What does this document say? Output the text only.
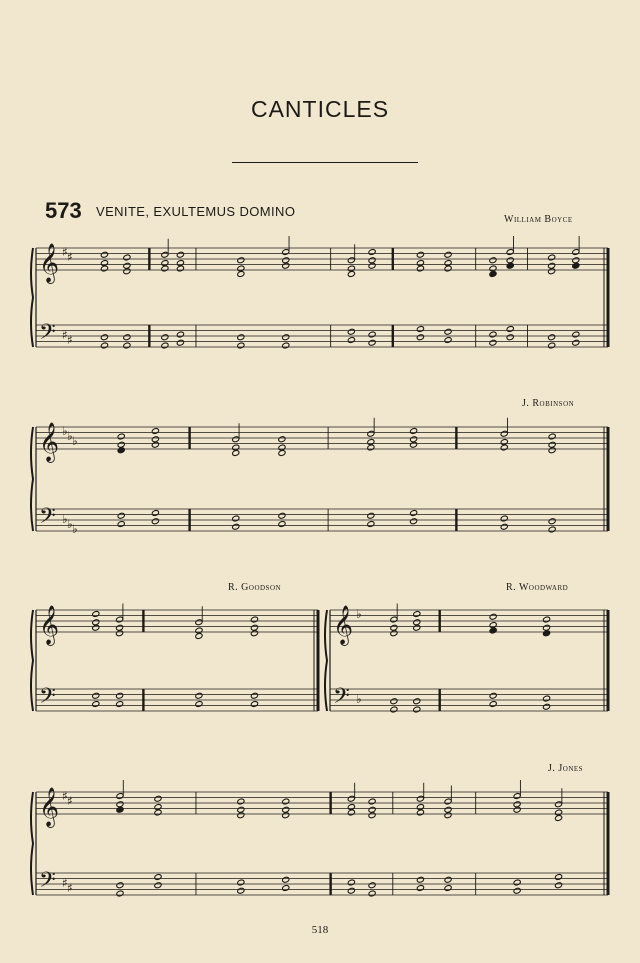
CANTICLES
573 VENITE, EXULTEMUS DOMINO
William Boyce
J. Robinson
R. Goodson	R. Woodward
J. Jones
𝄞
𝄢
♯
♯
♯
♯
𝄞
𝄢
♭
♭
♭
♭
♭
♭
𝄞
𝄢
𝄞
𝄢
♭
♭
𝄞
𝄢
♯
♯
♯
♯
518
